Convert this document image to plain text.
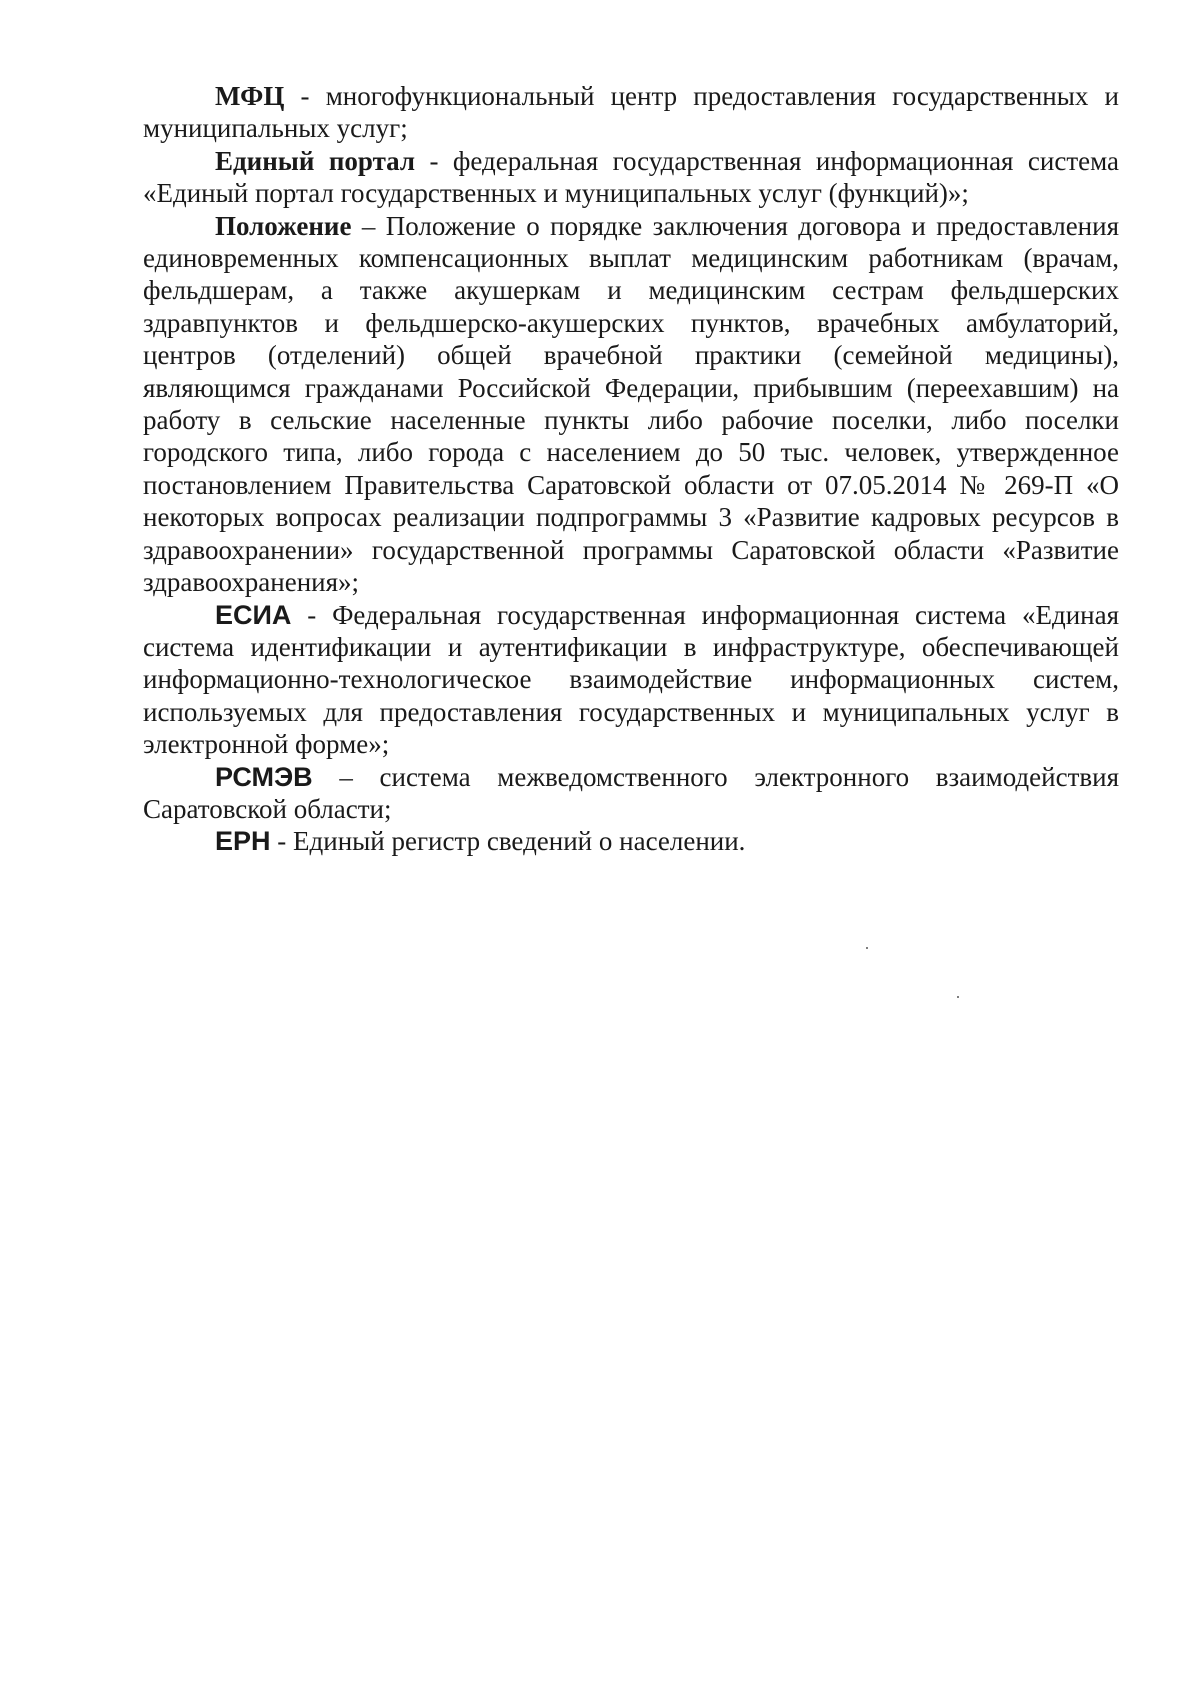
МФЦ - многофункциональный центр предоставления государственных и муниципальных услуг;

Единый портал - федеральная государственная информационная система «Единый портал государственных и муниципальных услуг (функций)»;

Положение – Положение о порядке заключения договора и предоставления единовременных компенсационных выплат медицинским работникам (врачам, фельдшерам, а также акушеркам и медицинским сестрам фельдшерских здравпунктов и фельдшерско-акушерских пунктов, врачебных амбулаторий, центров (отделений) общей врачебной практики (семейной медицины), являющимся гражданами Российской Федерации, прибывшим (переехавшим) на работу в сельские населенные пункты либо рабочие поселки, либо поселки городского типа, либо города с населением до 50 тыс. человек, утвержденное постановлением Правительства Саратовской области от 07.05.2014 № 269-П «О некоторых вопросах реализации подпрограммы 3 «Развитие кадровых ресурсов в здравоохранении» государственной программы Саратовской области «Развитие здравоохранения»;

ЕСИА - Федеральная государственная информационная система «Единая система идентификации и аутентификации в инфраструктуре, обеспечивающей информационно-технологическое взаимодействие информационных систем, используемых для предоставления государственных и муниципальных услуг в электронной форме»;

РСМЭВ – система межведомственного электронного взаимодействия Саратовской области;

ЕРН - Единый регистр сведений о населении.
